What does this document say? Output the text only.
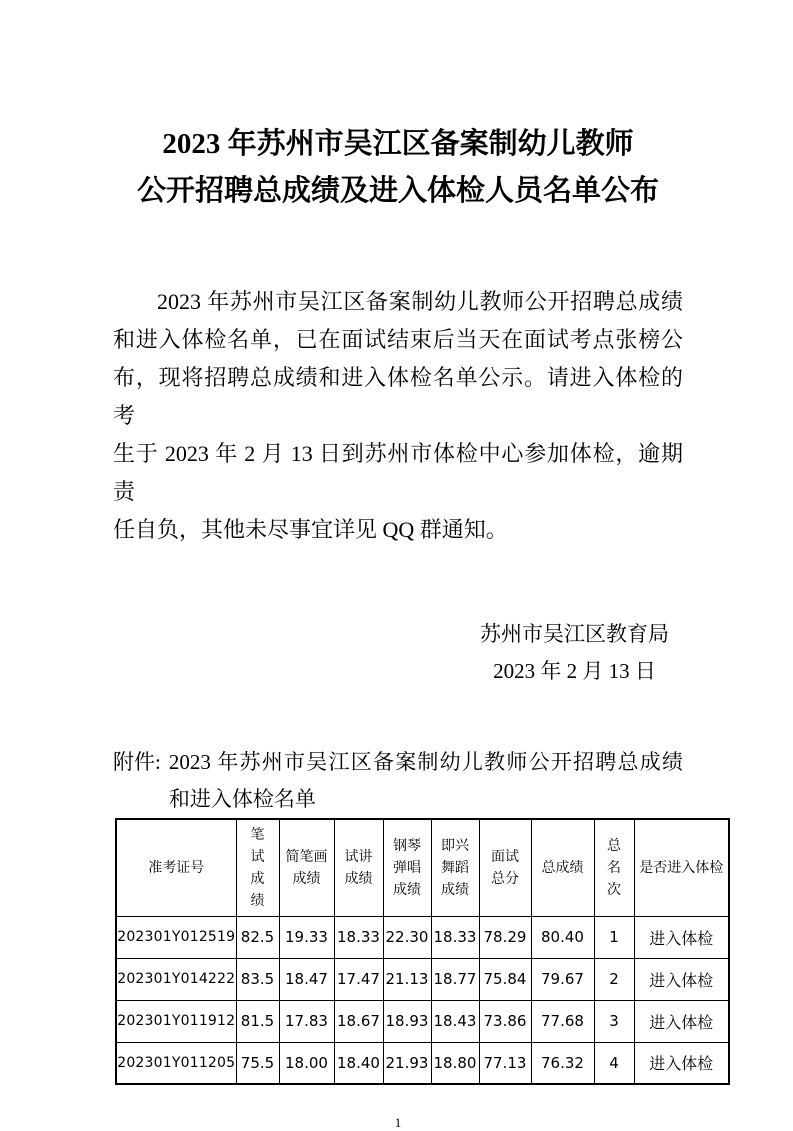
2023 年苏州市吴江区备案制幼儿教师
公开招聘总成绩及进入体检人员名单公布
2023 年苏州市吴江区备案制幼儿教师公开招聘总成绩
和进入体检名单，已在面试结束后当天在面试考点张榜公
布，现将招聘总成绩和进入体检名单公示。请进入体检的考
生于 2023 年 2 月 13 日到苏州市体检中心参加体检，逾期责
任自负，其他未尽事宜详见 QQ 群通知。
苏州市吴江区教育局
2023 年 2 月 13 日
附件: 2023 年苏州市吴江区备案制幼儿教师公开招聘总成绩
和进入体检名单
准考证号	笔试成绩	简笔画成绩	试讲成绩	钢琴弹唱成绩	即兴舞蹈成绩	面试总分	总成绩	总名次	是否进入体检

202301Y012519	82.5	19.33	18.33	22.30	18.33	78.29	80.40	1	进入体检
202301Y014222	83.5	18.47	17.47	21.13	18.77	75.84	79.67	2	进入体检
202301Y011912	81.5	17.83	18.67	18.93	18.43	73.86	77.68	3	进入体检
202301Y011205	75.5	18.00	18.40	21.93	18.80	77.13	76.32	4	进入体检
1
